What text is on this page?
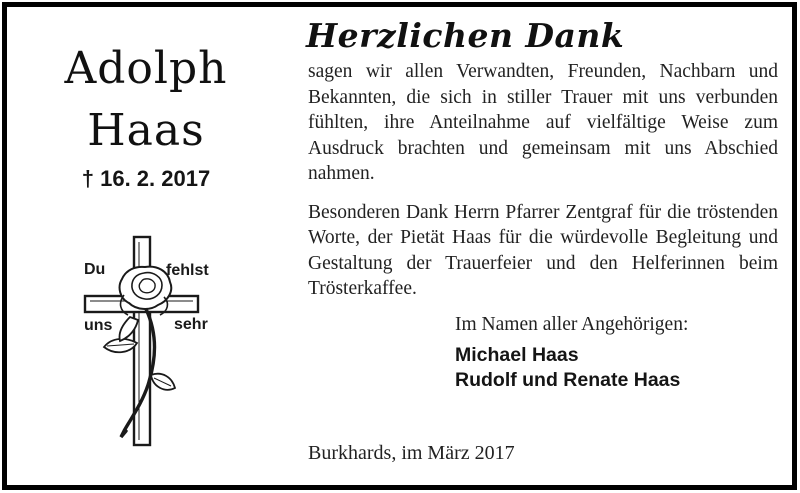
Adolph
Haas
† 16. 2. 2017
Du	fehlst
uns	sehr
Herzlichen Dank

sagen wir allen Verwandten, Freunden, Nachbarn und Bekannten, die sich in stiller Trauer mit uns verbunden fühlten, ihre Anteilnahme auf vielfältige Weise zum Ausdruck brachten und gemeinsam mit uns Abschied nahmen.

Besonderen Dank Herrn Pfarrer Zentgraf für die tröstenden Worte, der Pietät Haas für die würdevolle Begleitung und Gestaltung der Trauerfeier und den Helferinnen beim Trösterkaffee.

Im Namen aller Angehörigen:

Michael Haas
Rudolf und Renate Haas
Burkhards, im März 2017
